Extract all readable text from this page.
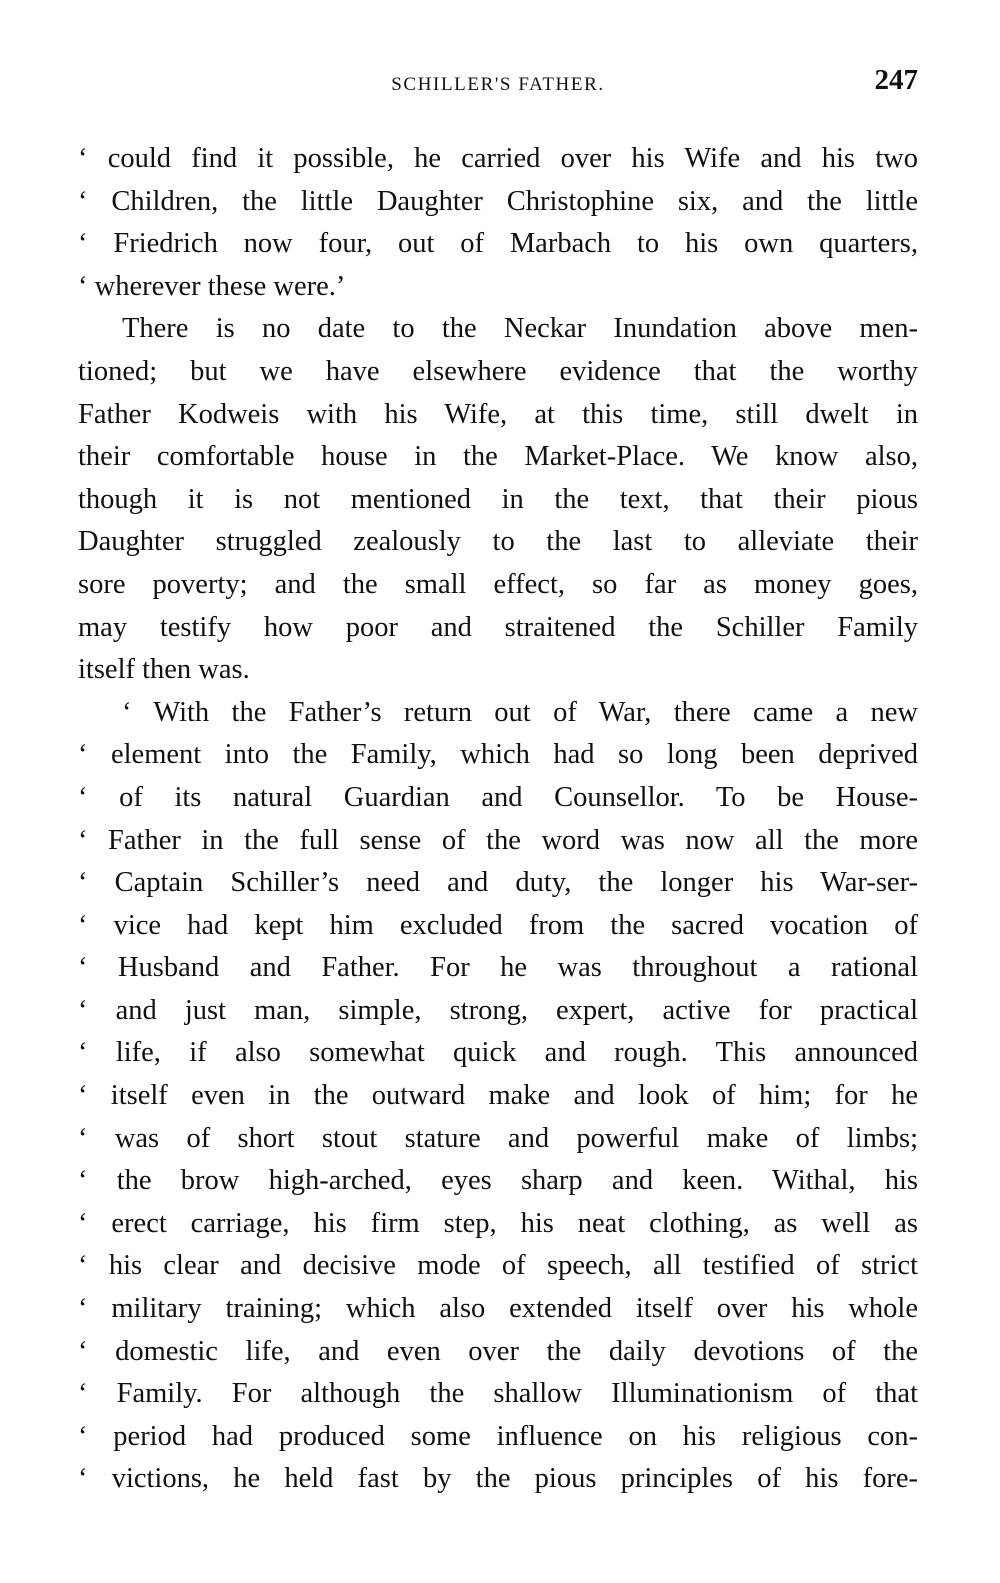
SCHILLER'S FATHER.	247
‘ could find it possible, he carried over his Wife and his two
‘ Children, the little Daughter Christophine six, and the little
‘ Friedrich now four, out of Marbach to his own quarters,
‘ wherever these were.’
There is no date to the Neckar Inundation above men-
tioned; but we have elsewhere evidence that the worthy
Father Kodweis with his Wife, at this time, still dwelt in
their comfortable house in the Market-Place. We know also,
though it is not mentioned in the text, that their pious
Daughter struggled zealously to the last to alleviate their
sore poverty; and the small effect, so far as money goes,
may testify how poor and straitened the Schiller Family
itself then was.
‘ With the Father’s return out of War, there came a new
‘ element into the Family, which had so long been deprived
‘ of its natural Guardian and Counsellor. To be House-
‘ Father in the full sense of the word was now all the more
‘ Captain Schiller’s need and duty, the longer his War-ser-
‘ vice had kept him excluded from the sacred vocation of
‘ Husband and Father. For he was throughout a rational
‘ and just man, simple, strong, expert, active for practical
‘ life, if also somewhat quick and rough. This announced
‘ itself even in the outward make and look of him; for he
‘ was of short stout stature and powerful make of limbs;
‘ the brow high-arched, eyes sharp and keen. Withal, his
‘ erect carriage, his firm step, his neat clothing, as well as
‘ his clear and decisive mode of speech, all testified of strict
‘ military training; which also extended itself over his whole
‘ domestic life, and even over the daily devotions of the
‘ Family. For although the shallow Illuminationism of that
‘ period had produced some influence on his religious con-
‘ victions, he held fast by the pious principles of his fore-
